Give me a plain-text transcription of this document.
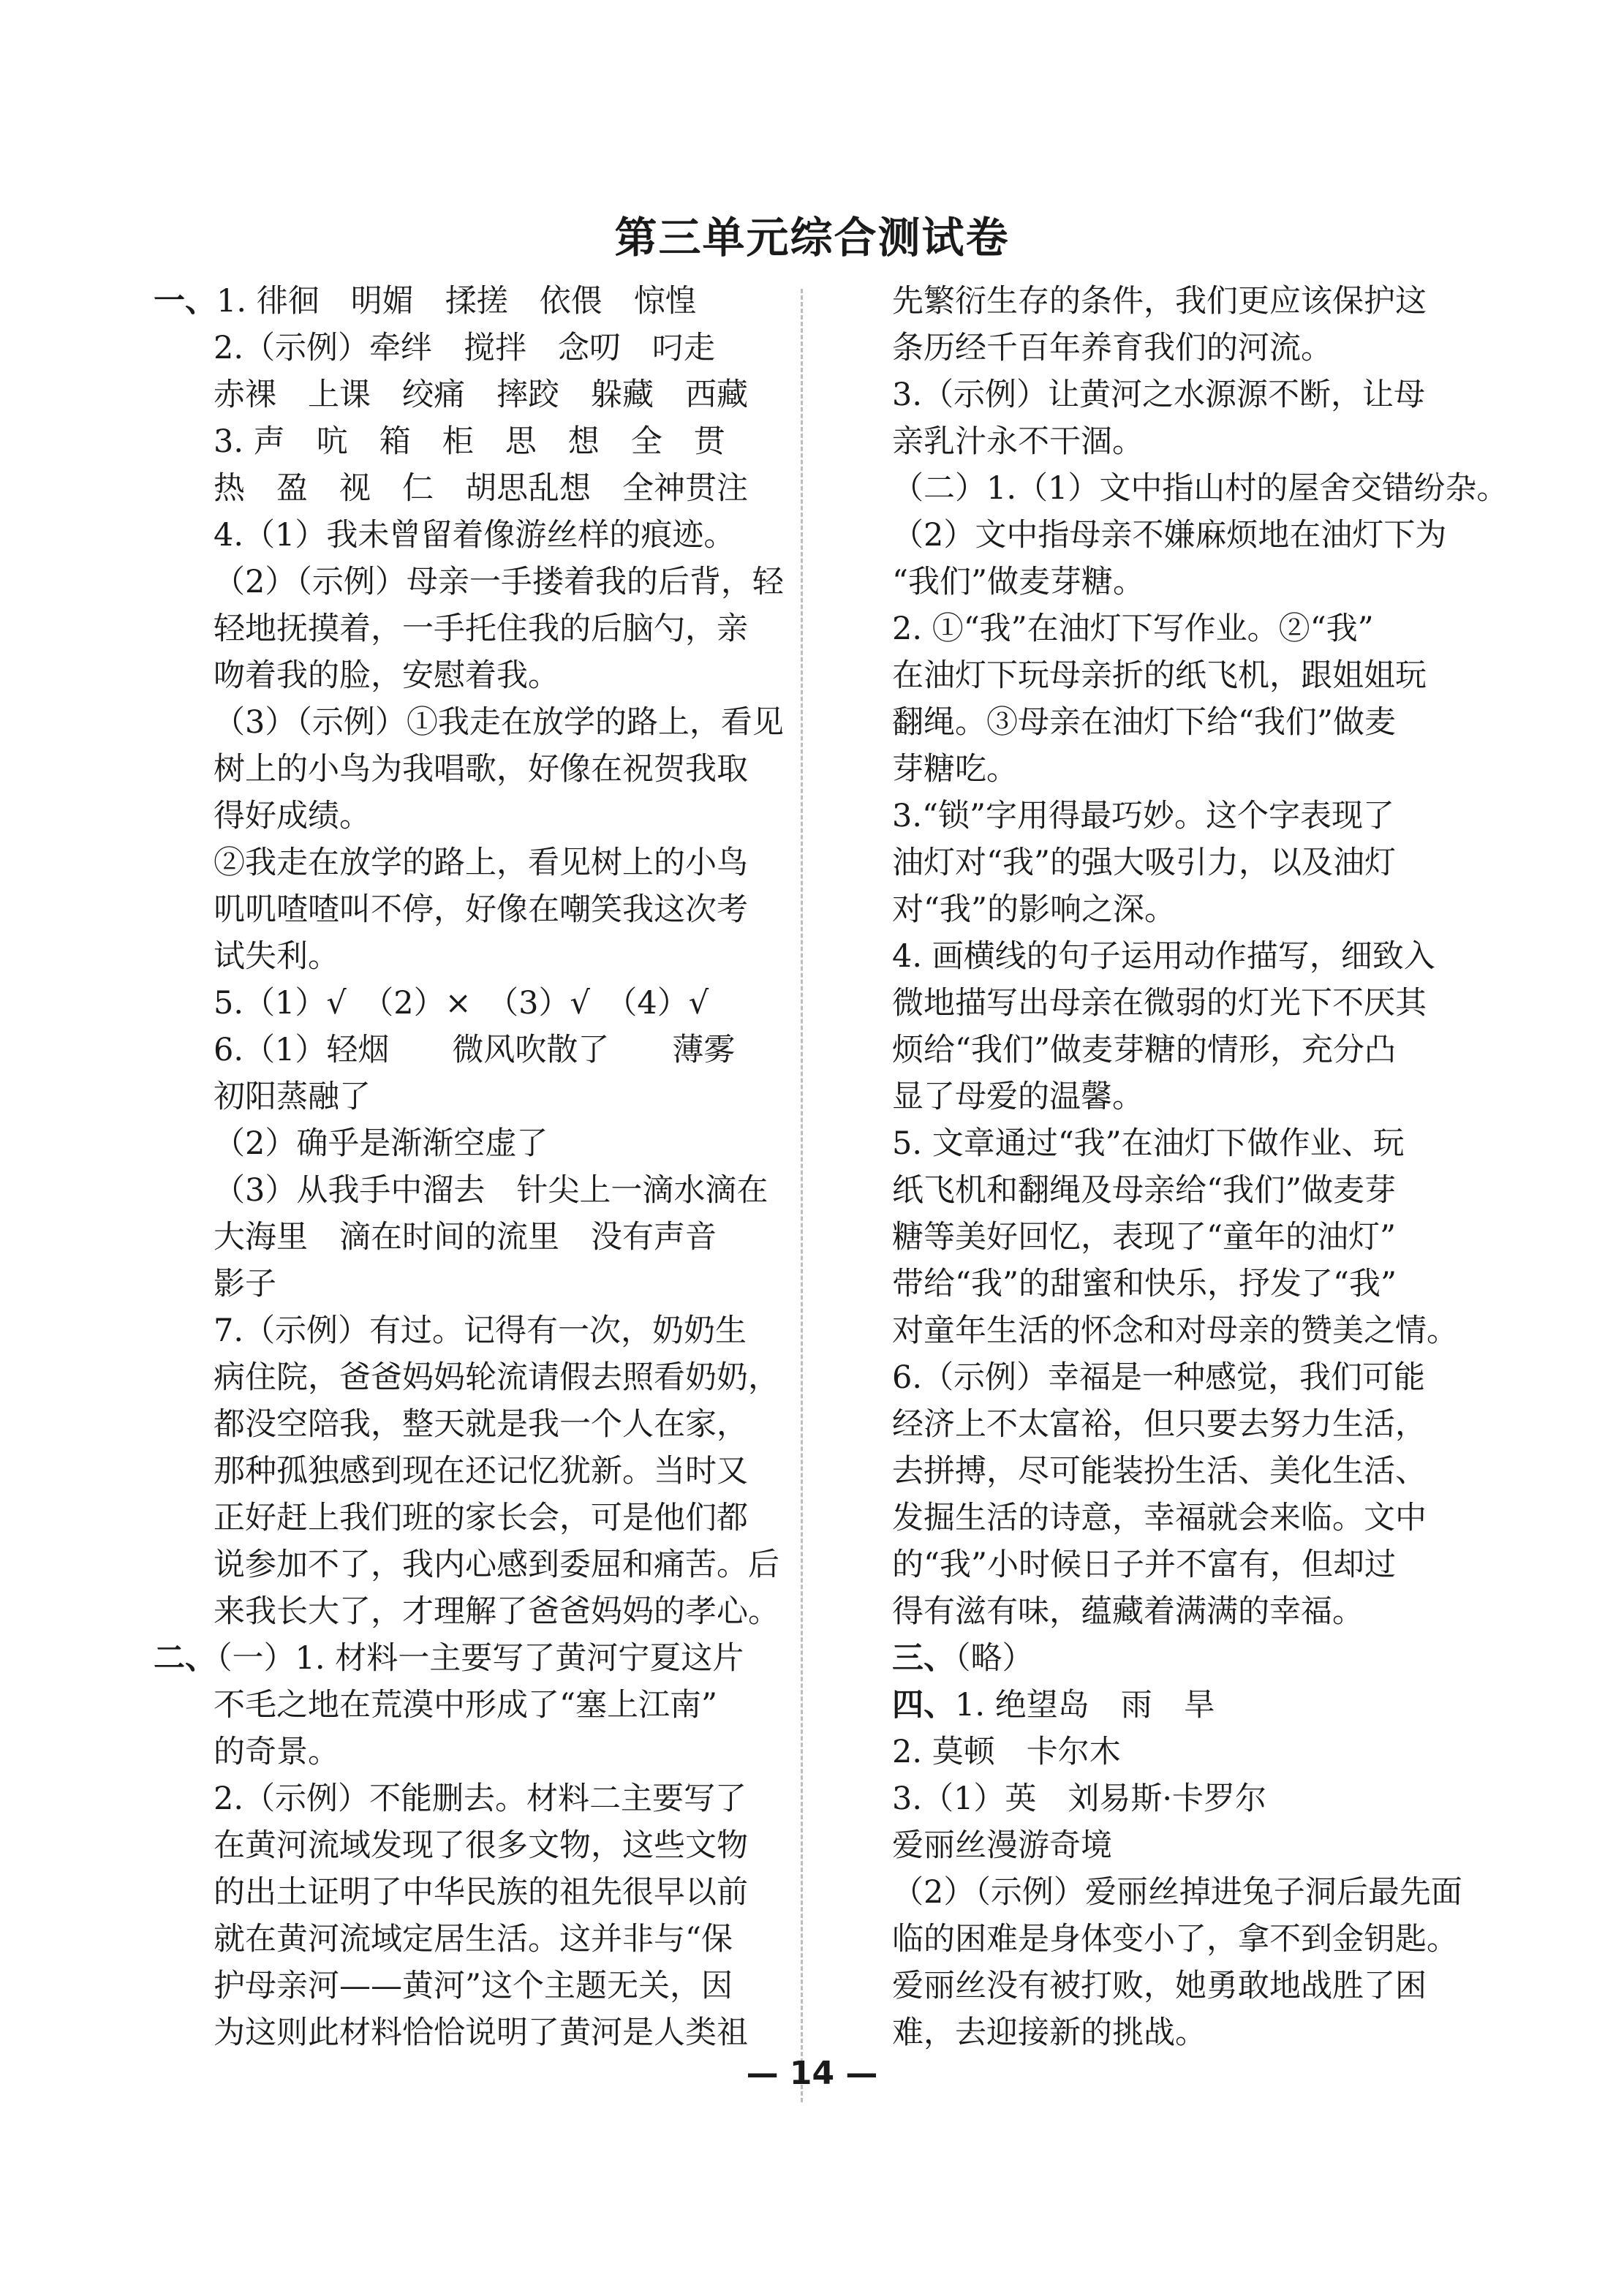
第三单元综合测试卷
一、1. 徘徊　明媚　揉搓　依偎　惊惶
2.（示例）牵绊　搅拌　念叨　叼走
赤裸　上课　绞痛　摔跤　躲藏　西藏
3. 声　吭　箱　柜　思　想　全　贯
热　盈　视　仁　胡思乱想　全神贯注
4.（1）我未曾留着像游丝样的痕迹。
（2）（示例）母亲一手搂着我的后背，轻
轻地抚摸着，一手托住我的后脑勺，亲
吻着我的脸，安慰着我。
（3）（示例）①我走在放学的路上，看见
树上的小鸟为我唱歌，好像在祝贺我取
得好成绩。
②我走在放学的路上，看见树上的小鸟
叽叽喳喳叫不停，好像在嘲笑我这次考
试失利。
5.（1）√　（2）×　（3）√　（4）√
6.（1）轻烟　　微风吹散了　　薄雾
初阳蒸融了
（2）确乎是渐渐空虚了
（3）从我手中溜去　针尖上一滴水滴在
大海里　滴在时间的流里　没有声音
影子
7.（示例）有过。记得有一次，奶奶生
病住院，爸爸妈妈轮流请假去照看奶奶，
都没空陪我，整天就是我一个人在家，
那种孤独感到现在还记忆犹新。当时又
正好赶上我们班的家长会，可是他们都
说参加不了，我内心感到委屈和痛苦。后
来我长大了，才理解了爸爸妈妈的孝心。
二、（一）1. 材料一主要写了黄河宁夏这片
不毛之地在荒漠中形成了“塞上江南”
的奇景。
2.（示例）不能删去。材料二主要写了
在黄河流域发现了很多文物，这些文物
的出土证明了中华民族的祖先很早以前
就在黄河流域定居生活。这并非与“保
护母亲河——黄河”这个主题无关，因
为这则此材料恰恰说明了黄河是人类祖
先繁衍生存的条件，我们更应该保护这
条历经千百年养育我们的河流。
3.（示例）让黄河之水源源不断，让母
亲乳汁永不干涸。
（二）1.（1）文中指山村的屋舍交错纷杂。
（2）文中指母亲不嫌麻烦地在油灯下为
“我们”做麦芽糖。
2. ①“我”在油灯下写作业。②“我”
在油灯下玩母亲折的纸飞机，跟姐姐玩
翻绳。③母亲在油灯下给“我们”做麦
芽糖吃。
3.“锁”字用得最巧妙。这个字表现了
油灯对“我”的强大吸引力，以及油灯
对“我”的影响之深。
4. 画横线的句子运用动作描写，细致入
微地描写出母亲在微弱的灯光下不厌其
烦给“我们”做麦芽糖的情形，充分凸
显了母爱的温馨。
5. 文章通过“我”在油灯下做作业、玩
纸飞机和翻绳及母亲给“我们”做麦芽
糖等美好回忆，表现了“童年的油灯”
带给“我”的甜蜜和快乐，抒发了“我”
对童年生活的怀念和对母亲的赞美之情。
6.（示例）幸福是一种感觉，我们可能
经济上不太富裕，但只要去努力生活，
去拼搏，尽可能装扮生活、美化生活、
发掘生活的诗意，幸福就会来临。文中
的“我”小时候日子并不富有，但却过
得有滋有味，蕴藏着满满的幸福。
三、（略）
四、1. 绝望岛　雨　旱
2. 莫顿　卡尔木
3.（1）英　刘易斯·卡罗尔
爱丽丝漫游奇境
（2）（示例）爱丽丝掉进兔子洞后最先面
临的困难是身体变小了，拿不到金钥匙。
爱丽丝没有被打败，她勇敢地战胜了困
难，去迎接新的挑战。
— 14 —
